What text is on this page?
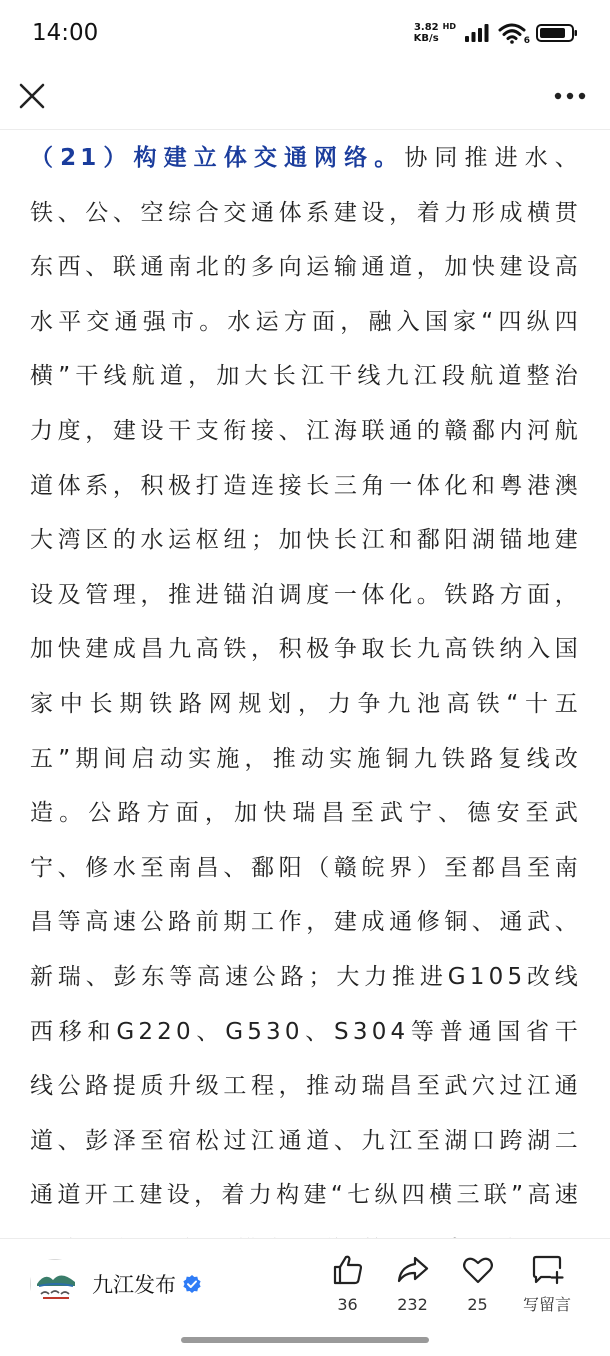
14:00	3.82
KB/s
HD
6

（21）构建立体交通网络。协同推进水、铁、公、空综合交通体系建设，着力形成横贯东西、联通南北的多向运输通道，加快建设高水平交通强市。水运方面，融入国家“四纵四横”干线航道，加大长江干线九江段航道整治力度，建设干支衔接、江海联通的赣鄱内河航道体系，积极打造连接长三角一体化和粤港澳大湾区的水运枢纽；加快长江和鄱阳湖锚地建设及管理，推进锚泊调度一体化。铁路方面，加快建成昌九高铁，积极争取长九高铁纳入国家中长期铁路网规划，力争九池高铁“十五五”期间启动实施，推动实施铜九铁路复线改造。公路方面，加快瑞昌至武宁、德安至武宁、修水至南昌、鄱阳（赣皖界）至都昌至南昌等高速公路前期工作，建成通修铜、通武、新瑞、彭东等高速公路；大力推进G105改线西移和G220、G530、S304等普通国省干线公路提质升级工程，推动瑞昌至武穴过江通道、彭泽至宿松过江通道、九江至湖口跨湖二通道开工建设，着力构建“七纵四横三联”高速

九江发布
36 232 25 写留言
